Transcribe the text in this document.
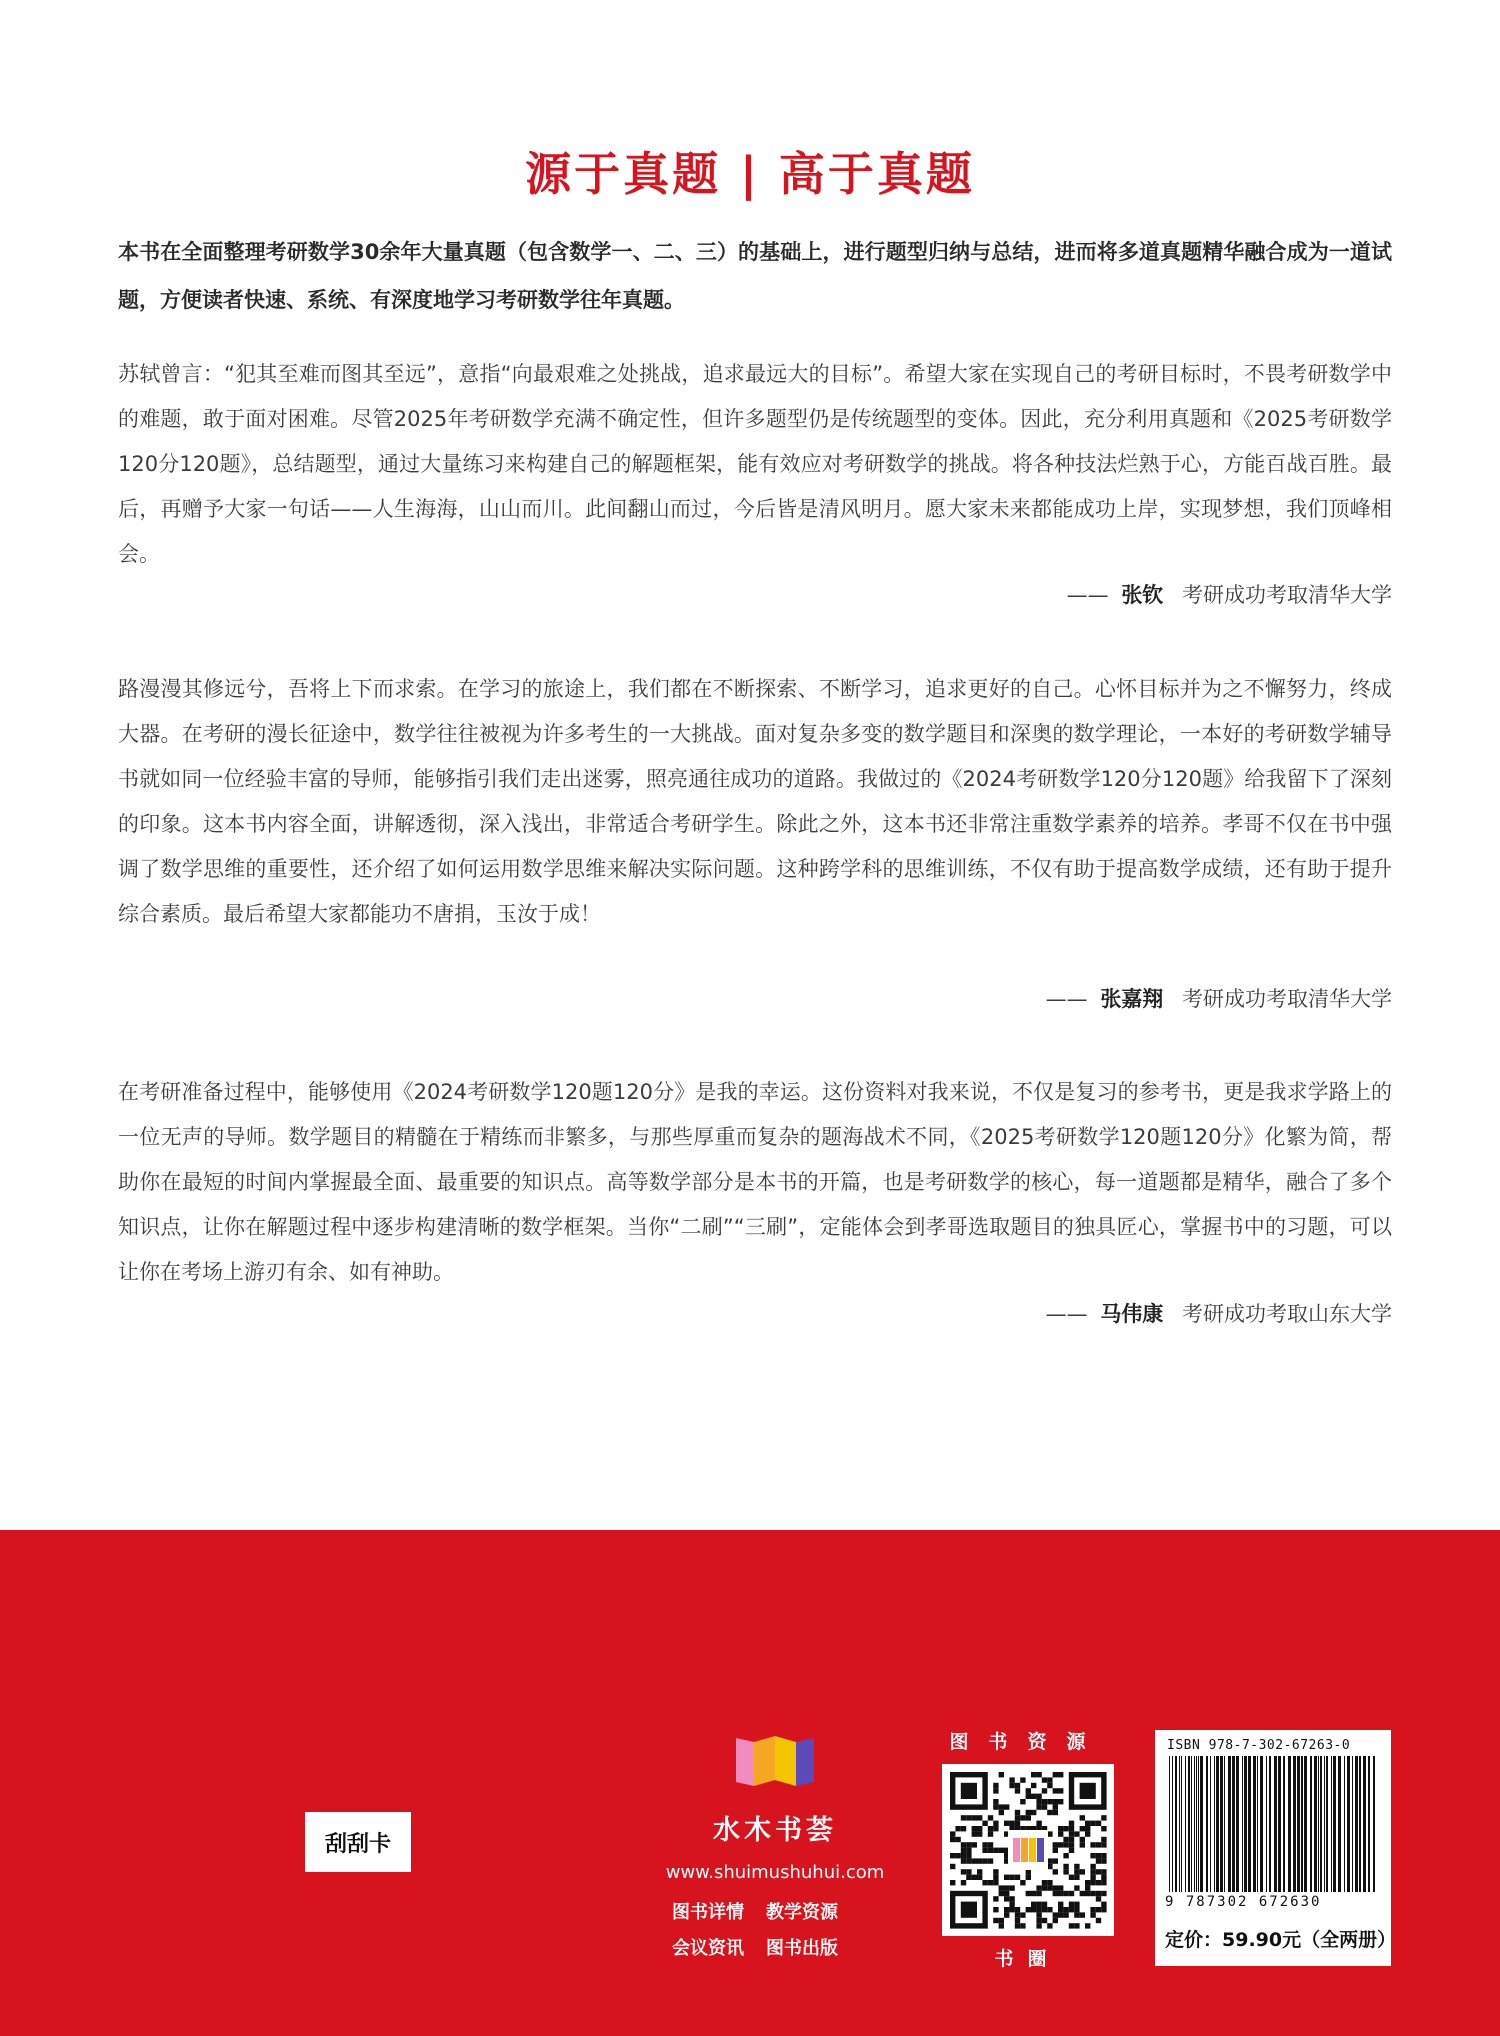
源于真题 | 高于真题
本书在全面整理考研数学30余年大量真题（包含数学一、二、三）的基础上，进行题型归纳与总结，进而将多道真题精华融合成为一道试题，方便读者快速、系统、有深度地学习考研数学往年真题。
苏轼曾言：“犯其至难而图其至远”，意指“向最艰难之处挑战，追求最远大的目标”。希望大家在实现自己的考研目标时，不畏考研数学中的难题，敢于面对困难。尽管2025年考研数学充满不确定性，但许多题型仍是传统题型的变体。因此，充分利用真题和《2025考研数学120分120题》，总结题型，通过大量练习来构建自己的解题框架，能有效应对考研数学的挑战。将各种技法烂熟于心，方能百战百胜。最后，再赠予大家一句话——人生海海，山山而川。此间翻山而过，今后皆是清风明月。愿大家未来都能成功上岸，实现梦想，我们顶峰相会。
—— 张钦 考研成功考取清华大学
路漫漫其修远兮，吾将上下而求索。在学习的旅途上，我们都在不断探索、不断学习，追求更好的自己。心怀目标并为之不懈努力，终成大器。在考研的漫长征途中，数学往往被视为许多考生的一大挑战。面对复杂多变的数学题目和深奥的数学理论，一本好的考研数学辅导书就如同一位经验丰富的导师，能够指引我们走出迷雾，照亮通往成功的道路。我做过的《2024考研数学120分120题》给我留下了深刻的印象。这本书内容全面，讲解透彻，深入浅出，非常适合考研学生。除此之外，这本书还非常注重数学素养的培养。孝哥不仅在书中强调了数学思维的重要性，还介绍了如何运用数学思维来解决实际问题。这种跨学科的思维训练，不仅有助于提高数学成绩，还有助于提升综合素质。最后希望大家都能功不唐捐，玉汝于成！
—— 张嘉翔 考研成功考取清华大学
在考研准备过程中，能够使用《2024考研数学120题120分》是我的幸运。这份资料对我来说，不仅是复习的参考书，更是我求学路上的一位无声的导师。数学题目的精髓在于精练而非繁多，与那些厚重而复杂的题海战术不同，《2025考研数学120题120分》化繁为简，帮助你在最短的时间内掌握最全面、最重要的知识点。高等数学部分是本书的开篇，也是考研数学的核心，每一道题都是精华，融合了多个知识点，让你在解题过程中逐步构建清晰的数学框架。当你“二刷”“三刷”，定能体会到孝哥选取题目的独具匠心，掌握书中的习题，可以让你在考场上游刃有余、如有神助。
—— 马伟康 考研成功考取山东大学
刮刮卡	水木书荟
www.shuimushuhui.com
图书详情 教学资源
会议资讯 图书出版
图书资源
书圈
ISBN 978-7-302-67263-0
9 787302 672630
定价：59.90元（全两册）
